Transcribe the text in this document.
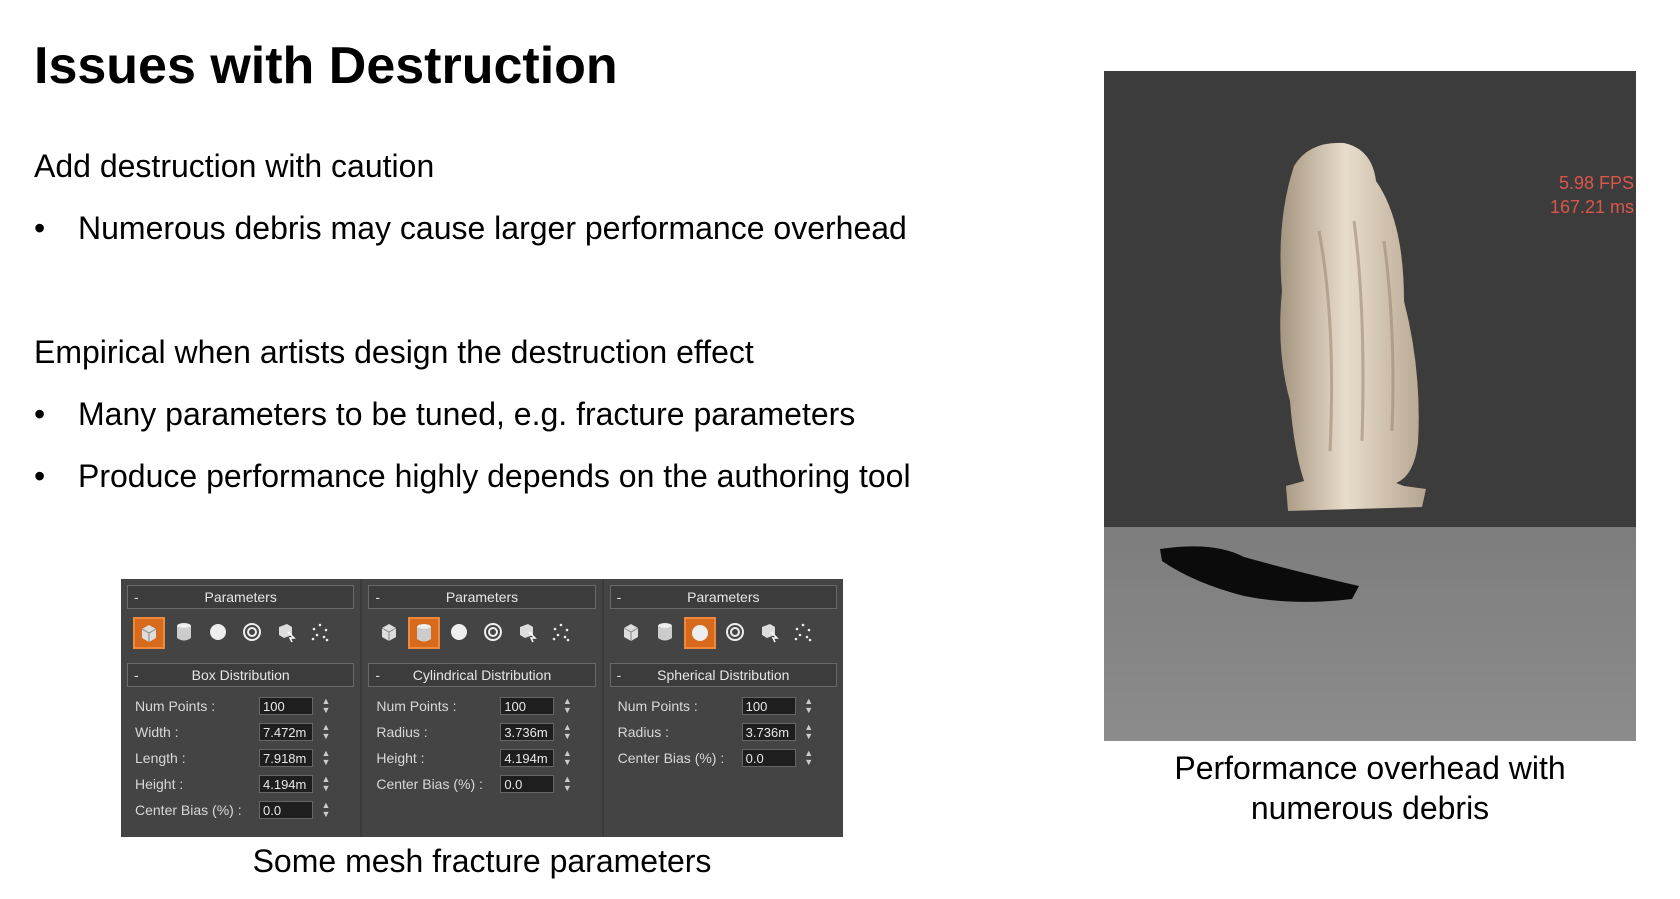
Issues with Destruction
Add destruction with caution
•	Numerous debris may cause larger performance overhead
Empirical when artists design the destruction effect
•	Many parameters to be tuned, e.g. fracture parameters
•	Produce performance highly depends on the authoring tool
-	Parameters
-	Box Distribution
Num Points :	100	▲
▼
Width :	7.472m	▲
▼
Length :	7.918m	▲
▼
Height :	4.194m	▲
▼
Center Bias (%) :	0.0	▲
▼
-	Parameters
- Cylindrical Distribution
Num Points :	100	▲
▼
Radius :	3.736m	▲
▼
Height :	4.194m	▲
▼
Center Bias (%) :	0.0	▲
▼
-	Parameters
-	Spherical Distribution
Num Points :	100	▲
▼
Radius :	3.736m	▲
▼
Center Bias (%) :	0.0	▲
▼
Some mesh fracture parameters
5.98 FPS
167.21 ms
Performance overhead with numerous debris
